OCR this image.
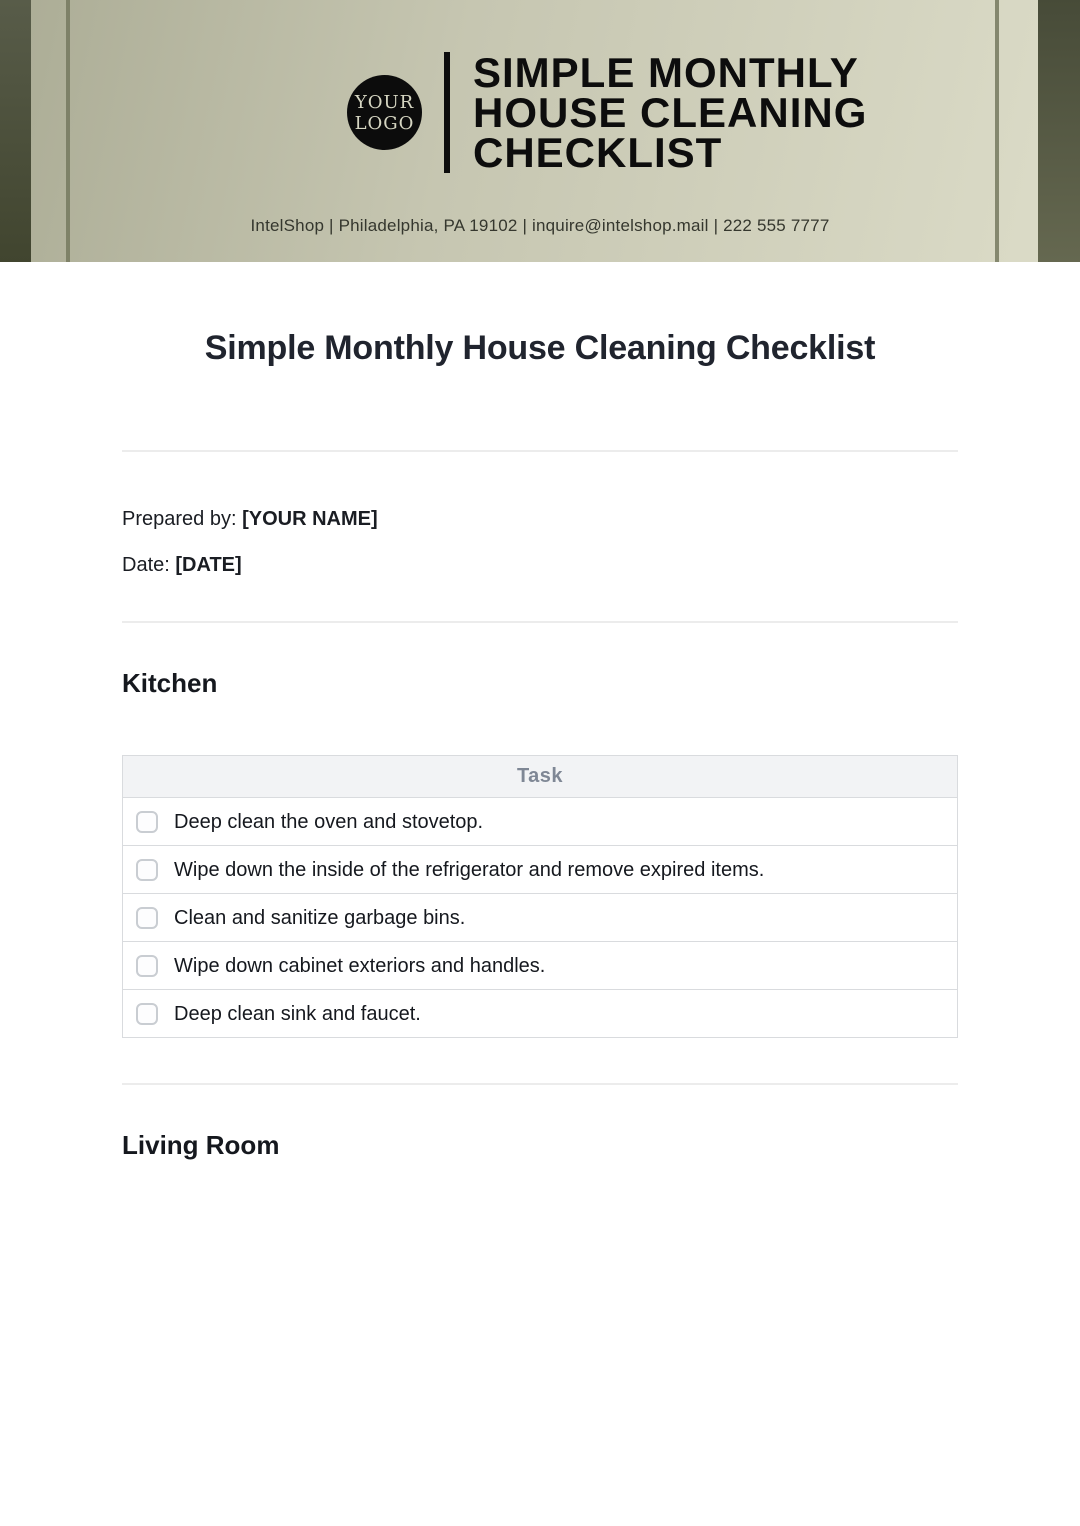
YOUR
LOGO
SIMPLE MONTHLY
HOUSE CLEANING
CHECKLIST
IntelShop | Philadelphia, PA 19102 | inquire@intelshop.mail | 222 555 7777
Simple Monthly House Cleaning Checklist

Prepared by: [YOUR NAME]

Date: [DATE]

Kitchen
Task

Deep clean the oven and stovetop.

Wipe down the inside of the refrigerator and remove expired items.

Clean and sanitize garbage bins.

Wipe down cabinet exteriors and handles.

Deep clean sink and faucet.
Living Room
